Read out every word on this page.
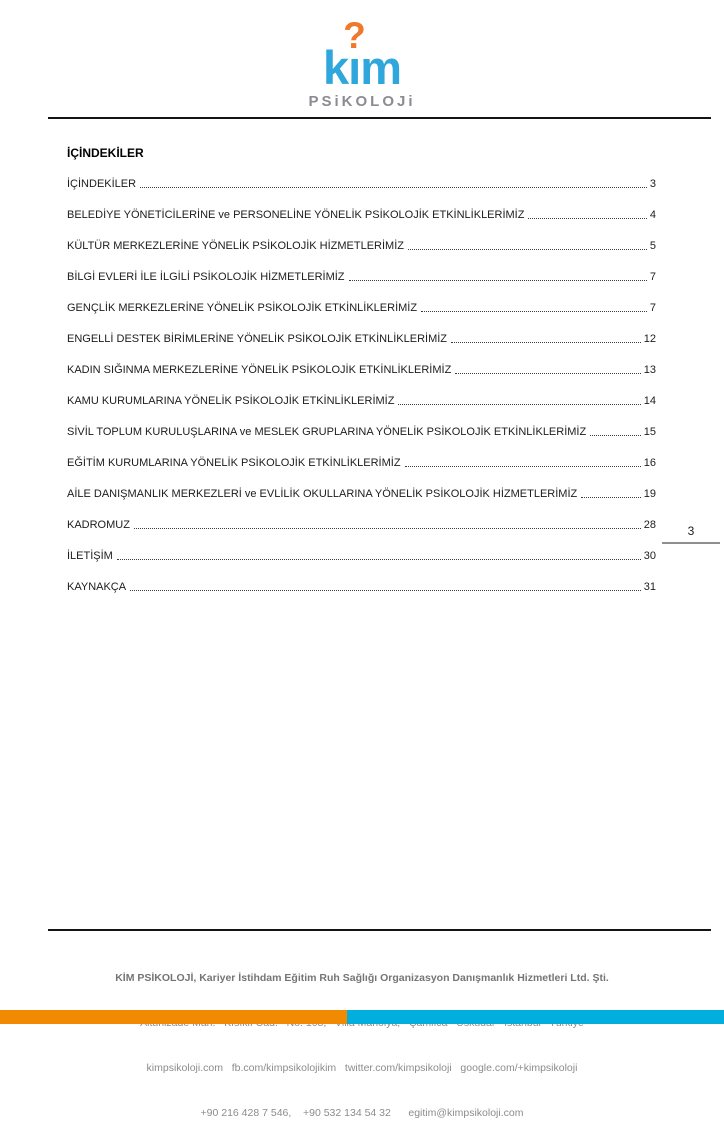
kı
?
m
PSiKOLOJi
İÇİNDEKİLER
İÇİNDEKİLER	3
BELEDİYE YÖNETİCİLERİNE ve PERSONELİNE YÖNELİK PSİKOLOJİK ETKİNLİKLERİMİZ	4
KÜLTÜR MERKEZLERİNE YÖNELİK PSİKOLOJİK HİZMETLERİMİZ	5
BİLGİ EVLERİ İLE İLGİLİ PSİKOLOJİK HİZMETLERİMİZ	7
GENÇLİK MERKEZLERİNE YÖNELİK PSİKOLOJİK ETKİNLİKLERİMİZ	7
ENGELLİ DESTEK BİRİMLERİNE YÖNELİK PSİKOLOJİK ETKİNLİKLERİMİZ	12
KADIN SIĞINMA MERKEZLERİNE YÖNELİK PSİKOLOJİK ETKİNLİKLERİMİZ	13
KAMU KURUMLARINA YÖNELİK PSİKOLOJİK ETKİNLİKLERİMİZ	14
SİVİL TOPLUM KURULUŞLARINA ve MESLEK GRUPLARINA YÖNELİK PSİKOLOJİK ETKİNLİKLERİMİZ	15
EĞİTİM KURUMLARINA YÖNELİK PSİKOLOJİK ETKİNLİKLERİMİZ	16
AİLE DANIŞMANLIK MERKEZLERİ ve EVLİLİK OKULLARINA YÖNELİK PSİKOLOJİK HİZMETLERİMİZ	19
KADROMUZ	28
İLETİŞİM	30
KAYNAKÇA	31
3

KİM PSİKOLOJİ, Kariyer İstihdam Eğitim Ruh Sağlığı Organizasyon Danışmanlık Hizmetleri Ltd. Şti.

kimpsikoloji.com   fb.com/kimpsikolojikim   twitter.com/kimpsikoloji   google.com/+kimpsikoloji

+90 216 428 7 546,    +90 532 134 54 32      egitim@kimpsikoloji.com
